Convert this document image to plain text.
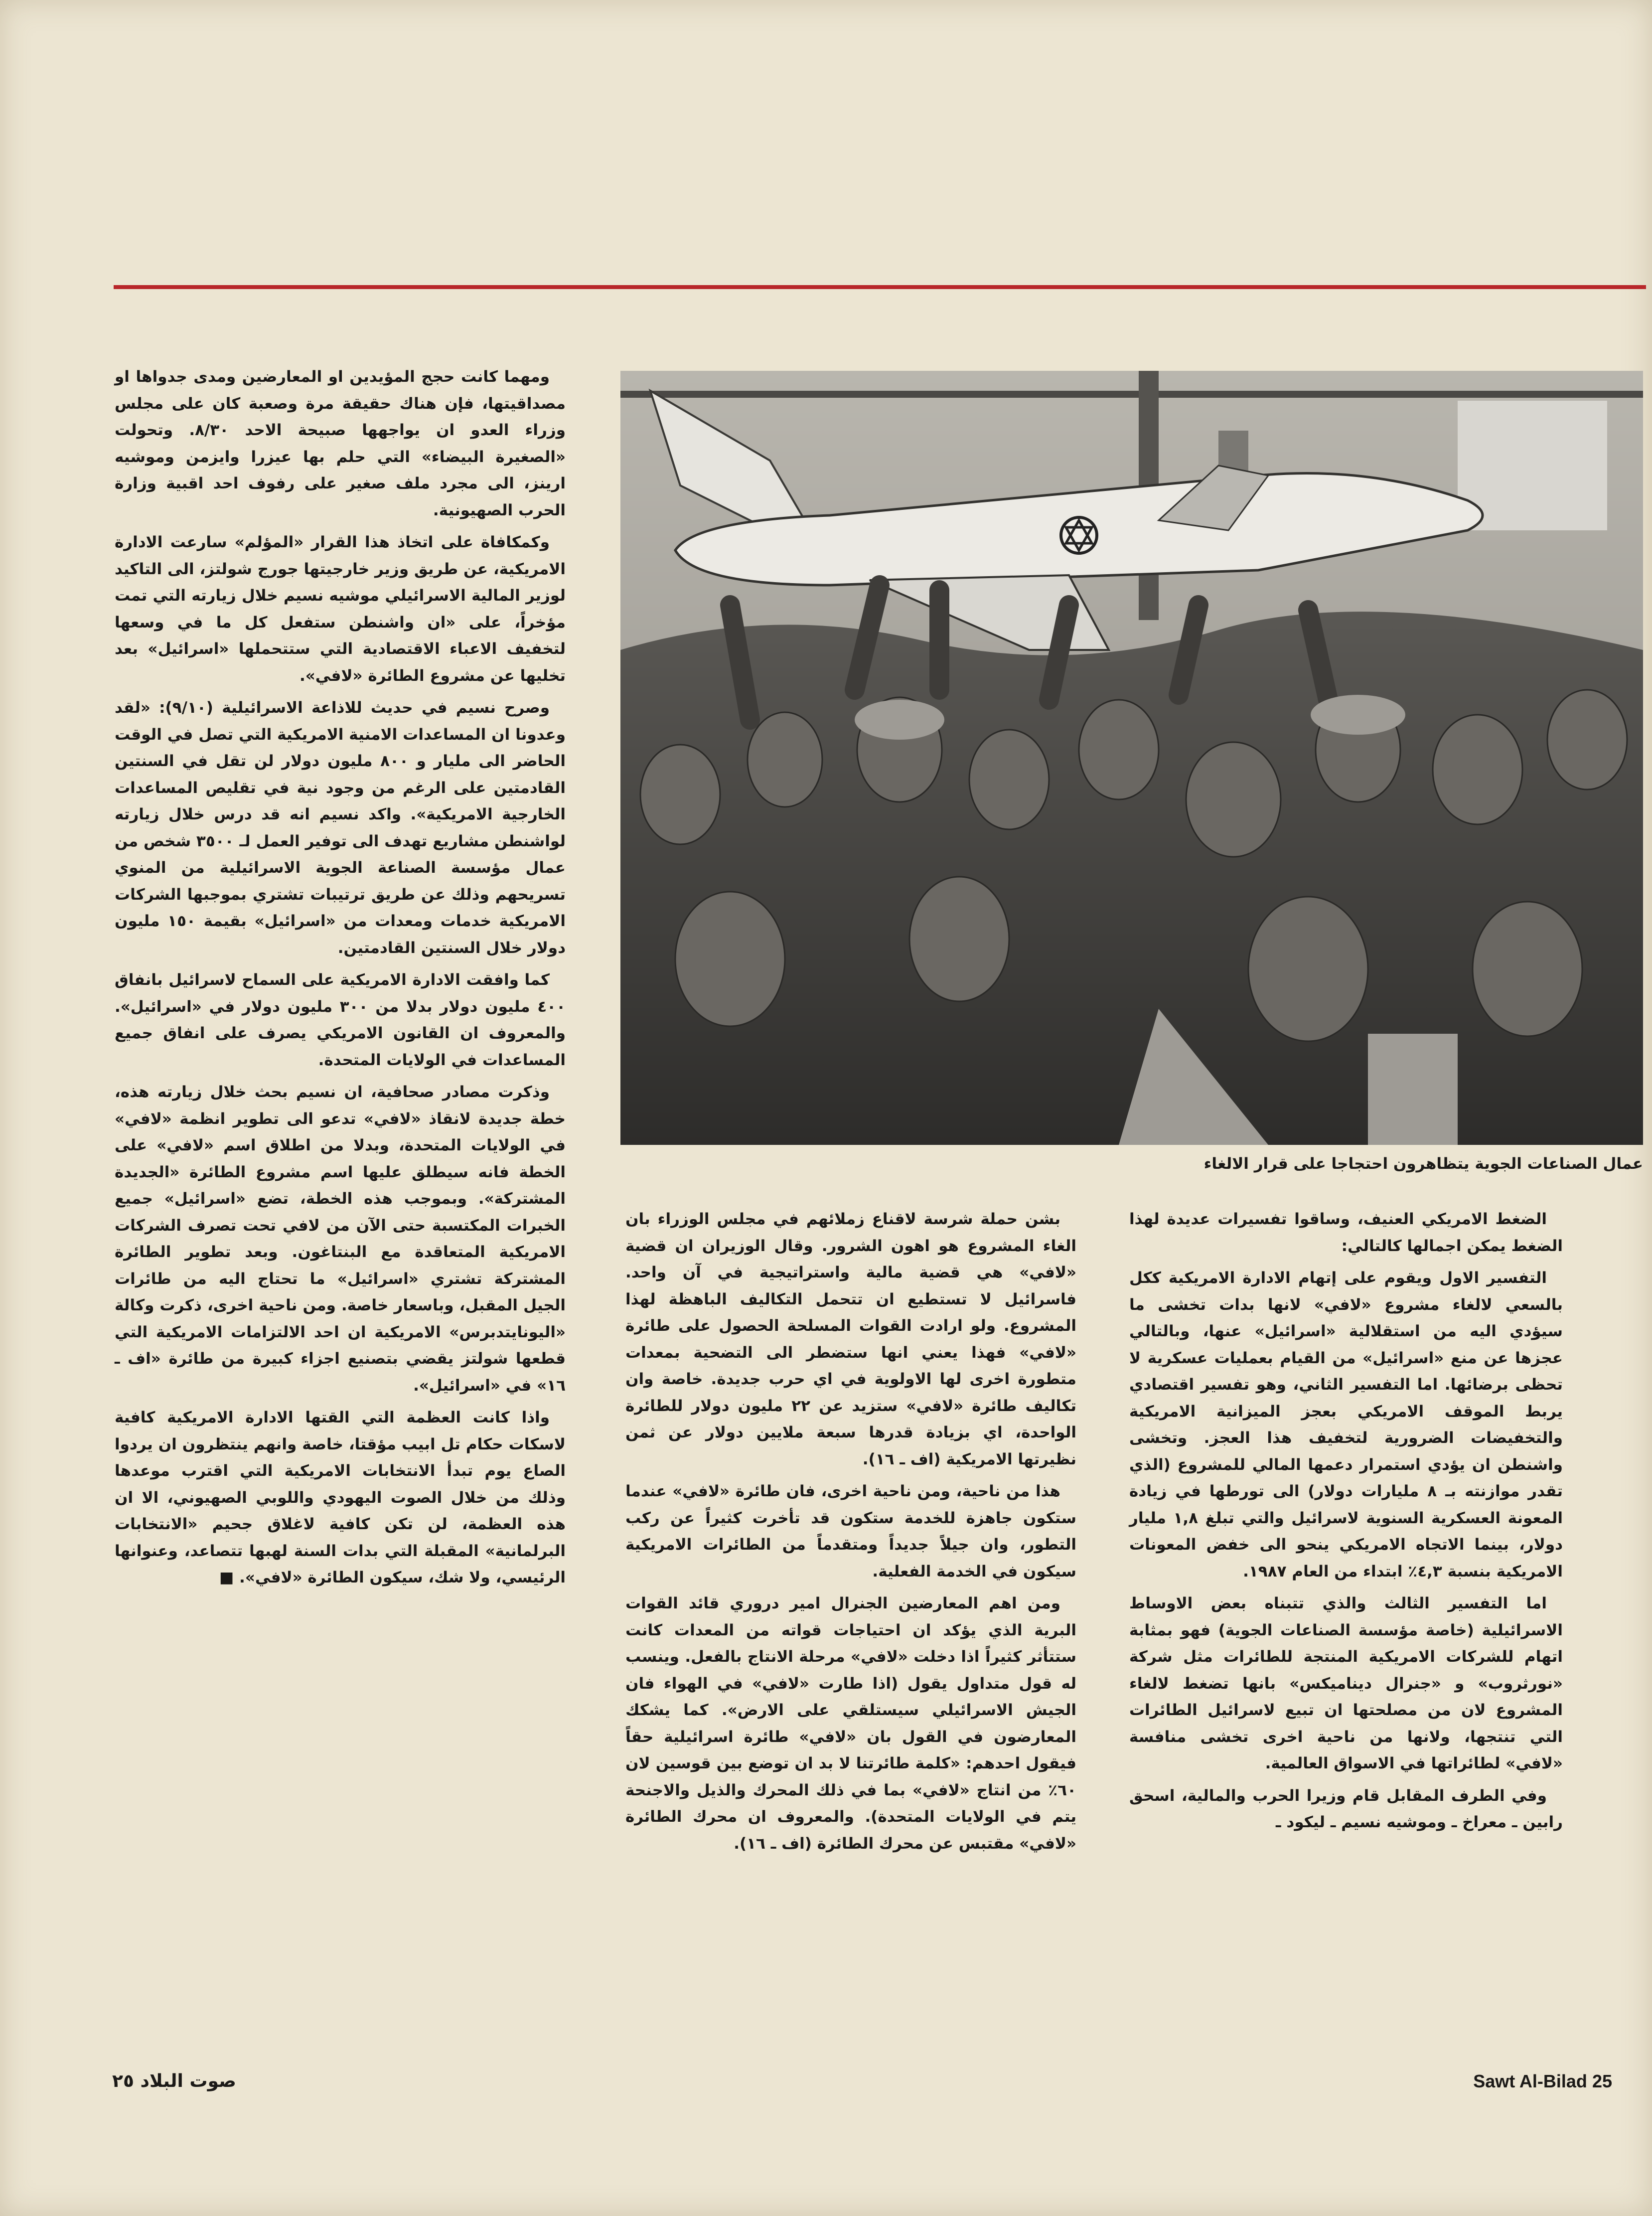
عمال الصناعات الجوية يتظاهرون احتجاجا على قرار الالغاء

الضغط الامريكي العنيف، وساقوا تفسيرات عديدة لهذا الضغط يمكن اجمالها كالتالي:

التفسير الاول ويقوم على إتهام الادارة الامريكية ككل بالسعي لالغاء مشروع «لافي» لانها بدات تخشى ما سيؤدي اليه من استقلالية «اسرائيل» عنها، وبالتالي عجزها عن منع «اسرائيل» من القيام بعمليات عسكرية لا تحظى برضائها. اما التفسير الثاني، وهو تفسير اقتصادي يربط الموقف الامريكي بعجز الميزانية الامريكية والتخفيضات الضرورية لتخفيف هذا العجز. وتخشى واشنطن ان يؤدي استمرار دعمها المالي للمشروع (الذي تقدر موازنته بـ ٨ مليارات دولار) الى تورطها في زيادة المعونة العسكرية السنوية لاسرائيل والتي تبلغ ١,٨ مليار دولار، بينما الاتجاه الامريكي ينحو الى خفض المعونات الامريكية بنسبة ٤,٣٪ ابتداء من العام ١٩٨٧.

اما التفسير الثالث والذي تتبناه بعض الاوساط الاسرائيلية (خاصة مؤسسة الصناعات الجوية) فهو بمثابة اتهام للشركات الامريكية المنتجة للطائرات مثل شركة «نورثروب» و «جنرال ديناميكس» بانها تضغط لالغاء المشروع لان من مصلحتها ان تبيع لاسرائيل الطائرات التي تنتجها، ولانها من ناحية اخرى تخشى منافسة «لافي» لطائراتها في الاسواق العالمية.

وفي الطرف المقابل قام وزيرا الحرب والمالية، اسحق رابين ـ معراخ ـ وموشيه نسيم ـ ليكود ـ

بشن حملة شرسة لاقناع زملائهم في مجلس الوزراء بان الغاء المشروع هو اهون الشرور. وقال الوزيران ان قضية «لافي» هي قضية مالية واستراتيجية في آن واحد. فاسرائيل لا تستطيع ان تتحمل التكاليف الباهظة لهذا المشروع. ولو ارادت القوات المسلحة الحصول على طائرة «لافي» فهذا يعني انها ستضطر الى التضحية بمعدات متطورة اخرى لها الاولوية في اي حرب جديدة. خاصة وان تكاليف طائرة «لافي» ستزيد عن ٢٢ مليون دولار للطائرة الواحدة، اي بزيادة قدرها سبعة ملايين دولار عن ثمن نظيرتها الامريكية (اف ـ ١٦).

هذا من ناحية، ومن ناحية اخرى، فان طائرة «لافي» عندما ستكون جاهزة للخدمة ستكون قد تأخرت كثيراً عن ركب التطور، وان جيلاً جديداً ومتقدماً من الطائرات الامريكية سيكون في الخدمة الفعلية.

ومن اهم المعارضين الجنرال امير دروري قائد القوات البرية الذي يؤكد ان احتياجات قواته من المعدات كانت ستتأثر كثيراً اذا دخلت «لافي» مرحلة الانتاج بالفعل. وينسب له قول متداول يقول (اذا طارت «لافي» في الهواء فان الجيش الاسرائيلي سيستلقي على الارض». كما يشكك المعارضون في القول بان «لافي» طائرة اسرائيلية حقاً فيقول احدهم: «كلمة طائرتنا لا بد ان توضع بين قوسين لان ٦٠٪ من انتاج «لافي» بما في ذلك المحرك والذيل والاجنحة يتم في الولايات المتحدة). والمعروف ان محرك الطائرة «لافي» مقتبس عن محرك الطائرة (اف ـ ١٦).

ومهما كانت حجج المؤيدين او المعارضين ومدى جدواها او مصداقيتها، فإن هناك حقيقة مرة وصعبة كان على مجلس وزراء العدو ان يواجهها صبيحة الاحد ٨/٣٠. وتحولت «الصغيرة البيضاء» التي حلم بها عيزرا وايزمن وموشيه ارينز، الى مجرد ملف صغير على رفوف احد اقبية وزارة الحرب الصهيونية.

وكمكافاة على اتخاذ هذا القرار «المؤلم» سارعت الادارة الامريكية، عن طريق وزير خارجيتها جورج شولتز، الى التاكيد لوزير المالية الاسرائيلي موشيه نسيم خلال زيارته التي تمت مؤخراً، على «ان واشنطن ستفعل كل ما في وسعها لتخفيف الاعباء الاقتصادية التي ستتحملها «اسرائيل» بعد تخليها عن مشروع الطائرة «لافي».

وصرح نسيم في حديث للاذاعة الاسرائيلية (٩/١٠): «لقد وعدونا ان المساعدات الامنية الامريكية التي تصل في الوقت الحاضر الى مليار و ٨٠٠ مليون دولار لن تقل في السنتين القادمتين على الرغم من وجود نية في تقليص المساعدات الخارجية الامريكية». واكد نسيم انه قد درس خلال زيارته لواشنطن مشاريع تهدف الى توفير العمل لـ ٣٥٠٠ شخص من عمال مؤسسة الصناعة الجوية الاسرائيلية من المنوي تسريحهم وذلك عن طريق ترتيبات تشتري بموجبها الشركات الامريكية خدمات ومعدات من «اسرائيل» بقيمة ١٥٠ مليون دولار خلال السنتين القادمتين.

كما وافقت الادارة الامريكية على السماح لاسرائيل بانفاق ٤٠٠ مليون دولار بدلا من ٣٠٠ مليون دولار في «اسرائيل». والمعروف ان القانون الامريكي يصرف على انفاق جميع المساعدات في الولايات المتحدة.

وذكرت مصادر صحافية، ان نسيم بحث خلال زيارته هذه، خطة جديدة لانقاذ «لافي» تدعو الى تطوير انظمة «لافي» في الولايات المتحدة، وبدلا من اطلاق اسم «لافي» على الخطة فانه سيطلق عليها اسم مشروع الطائرة «الجديدة المشتركة». وبموجب هذه الخطة، تضع «اسرائيل» جميع الخبرات المكتسبة حتى الآن من لافي تحت تصرف الشركات الامريكية المتعاقدة مع البنتاغون. وبعد تطوير الطائرة المشتركة تشتري «اسرائيل» ما تحتاج اليه من طائرات الجيل المقبل، وباسعار خاصة. ومن ناحية اخرى، ذكرت وكالة «اليونايتدبرس» الامريكية ان احد الالتزامات الامريكية التي قطعها شولتز يقضي بتصنيع اجزاء كبيرة من طائرة «اف ـ ١٦» في «اسرائيل».

واذا كانت العظمة التي القتها الادارة الامريكية كافية لاسكات حكام تل ابيب مؤقتا، خاصة وانهم ينتظرون ان يردوا الصاع يوم تبدأ الانتخابات الامريكية التي اقترب موعدها وذلك من خلال الصوت اليهودي واللوبي الصهيوني، الا ان هذه العظمة، لن تكن كافية لاغلاق جحيم «الانتخابات البرلمانية» المقبلة التي بدات السنة لهبها تتصاعد، وعنوانها الرئيسي، ولا شك، سيكون الطائرة «لافي». ■

Sawt Al-Bilad 25
صوت البلاد ٢٥
